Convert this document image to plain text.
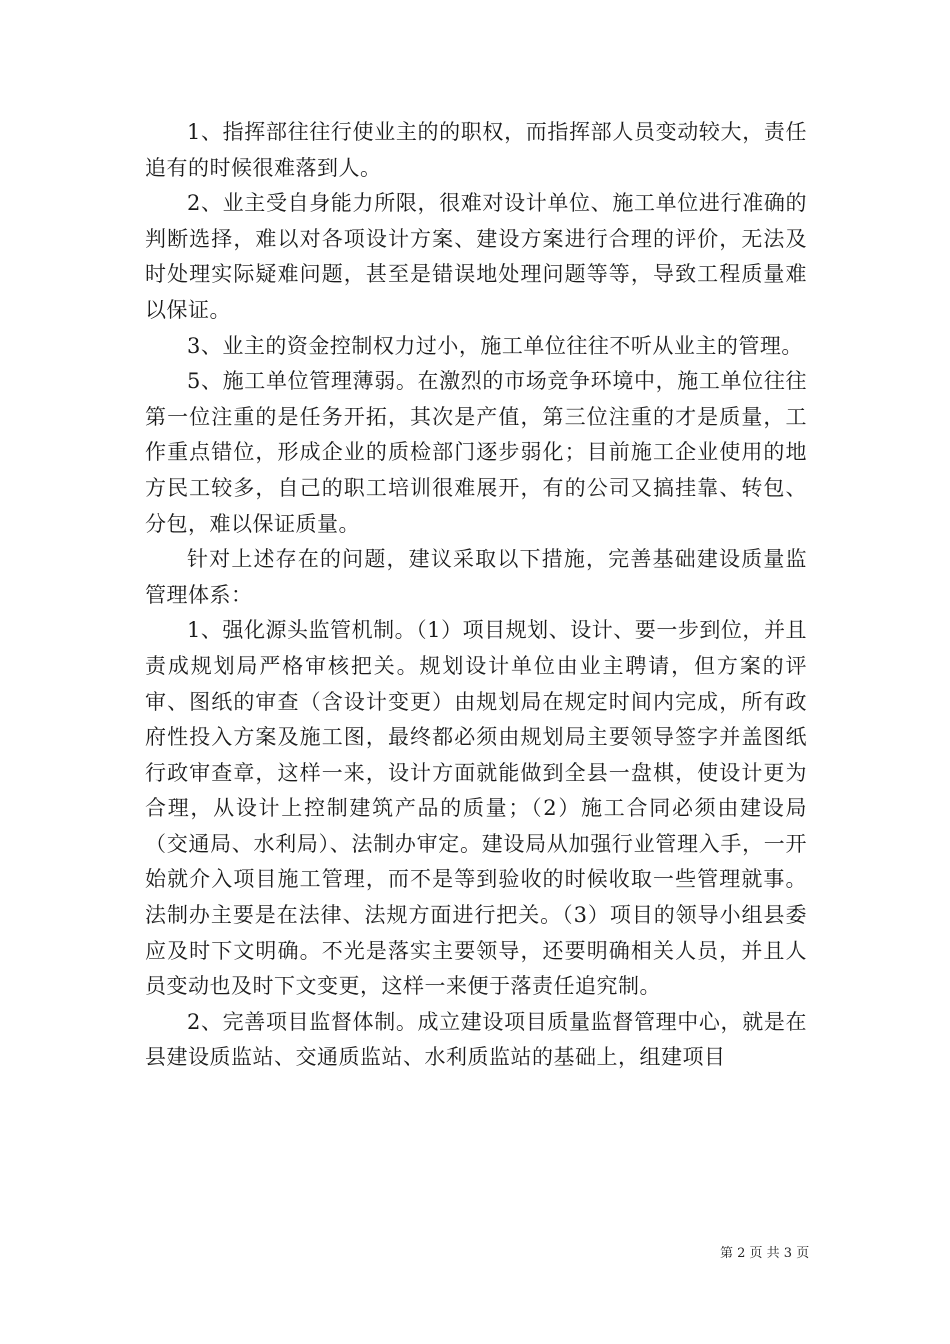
1、指挥部往往行使业主的的职权，而指挥部人员变动较大，责任追有的时候很难落到人。

2、业主受自身能力所限，很难对设计单位、施工单位进行准确的判断选择，难以对各项设计方案、建设方案进行合理的评价，无法及时处理实际疑难问题，甚至是错误地处理问题等等，导致工程质量难以保证。

3、业主的资金控制权力过小，施工单位往往不听从业主的管理。

5、施工单位管理薄弱。在激烈的市场竞争环境中，施工单位往往第一位注重的是任务开拓，其次是产值，第三位注重的才是质量，工作重点错位，形成企业的质检部门逐步弱化；目前施工企业使用的地方民工较多，自己的职工培训很难展开，有的公司又搞挂靠、转包、分包，难以保证质量。

针对上述存在的问题，建议采取以下措施，完善基础建设质量监管理体系：

1、强化源头监管机制。（1）项目规划、设计、要一步到位，并且责成规划局严格审核把关。规划设计单位由业主聘请，但方案的评审、图纸的审查（含设计变更）由规划局在规定时间内完成，所有政府性投入方案及施工图，最终都必须由规划局主要领导签字并盖图纸行政审查章，这样一来，设计方面就能做到全县一盘棋，使设计更为合理，从设计上控制建筑产品的质量；（2）施工合同必须由建设局（交通局、水利局）、法制办审定。建设局从加强行业管理入手，一开始就介入项目施工管理，而不是等到验收的时候收取一些管理就事。法制办主要是在法律、法规方面进行把关。（3）项目的领导小组县委应及时下文明确。不光是落实主要领导，还要明确相关人员，并且人员变动也及时下文变更，这样一来便于落责任追究制。

2、完善项目监督体制。成立建设项目质量监督管理中心，就是在县建设质监站、交通质监站、水利质监站的基础上，组建项目

第 2 页 共 3 页
